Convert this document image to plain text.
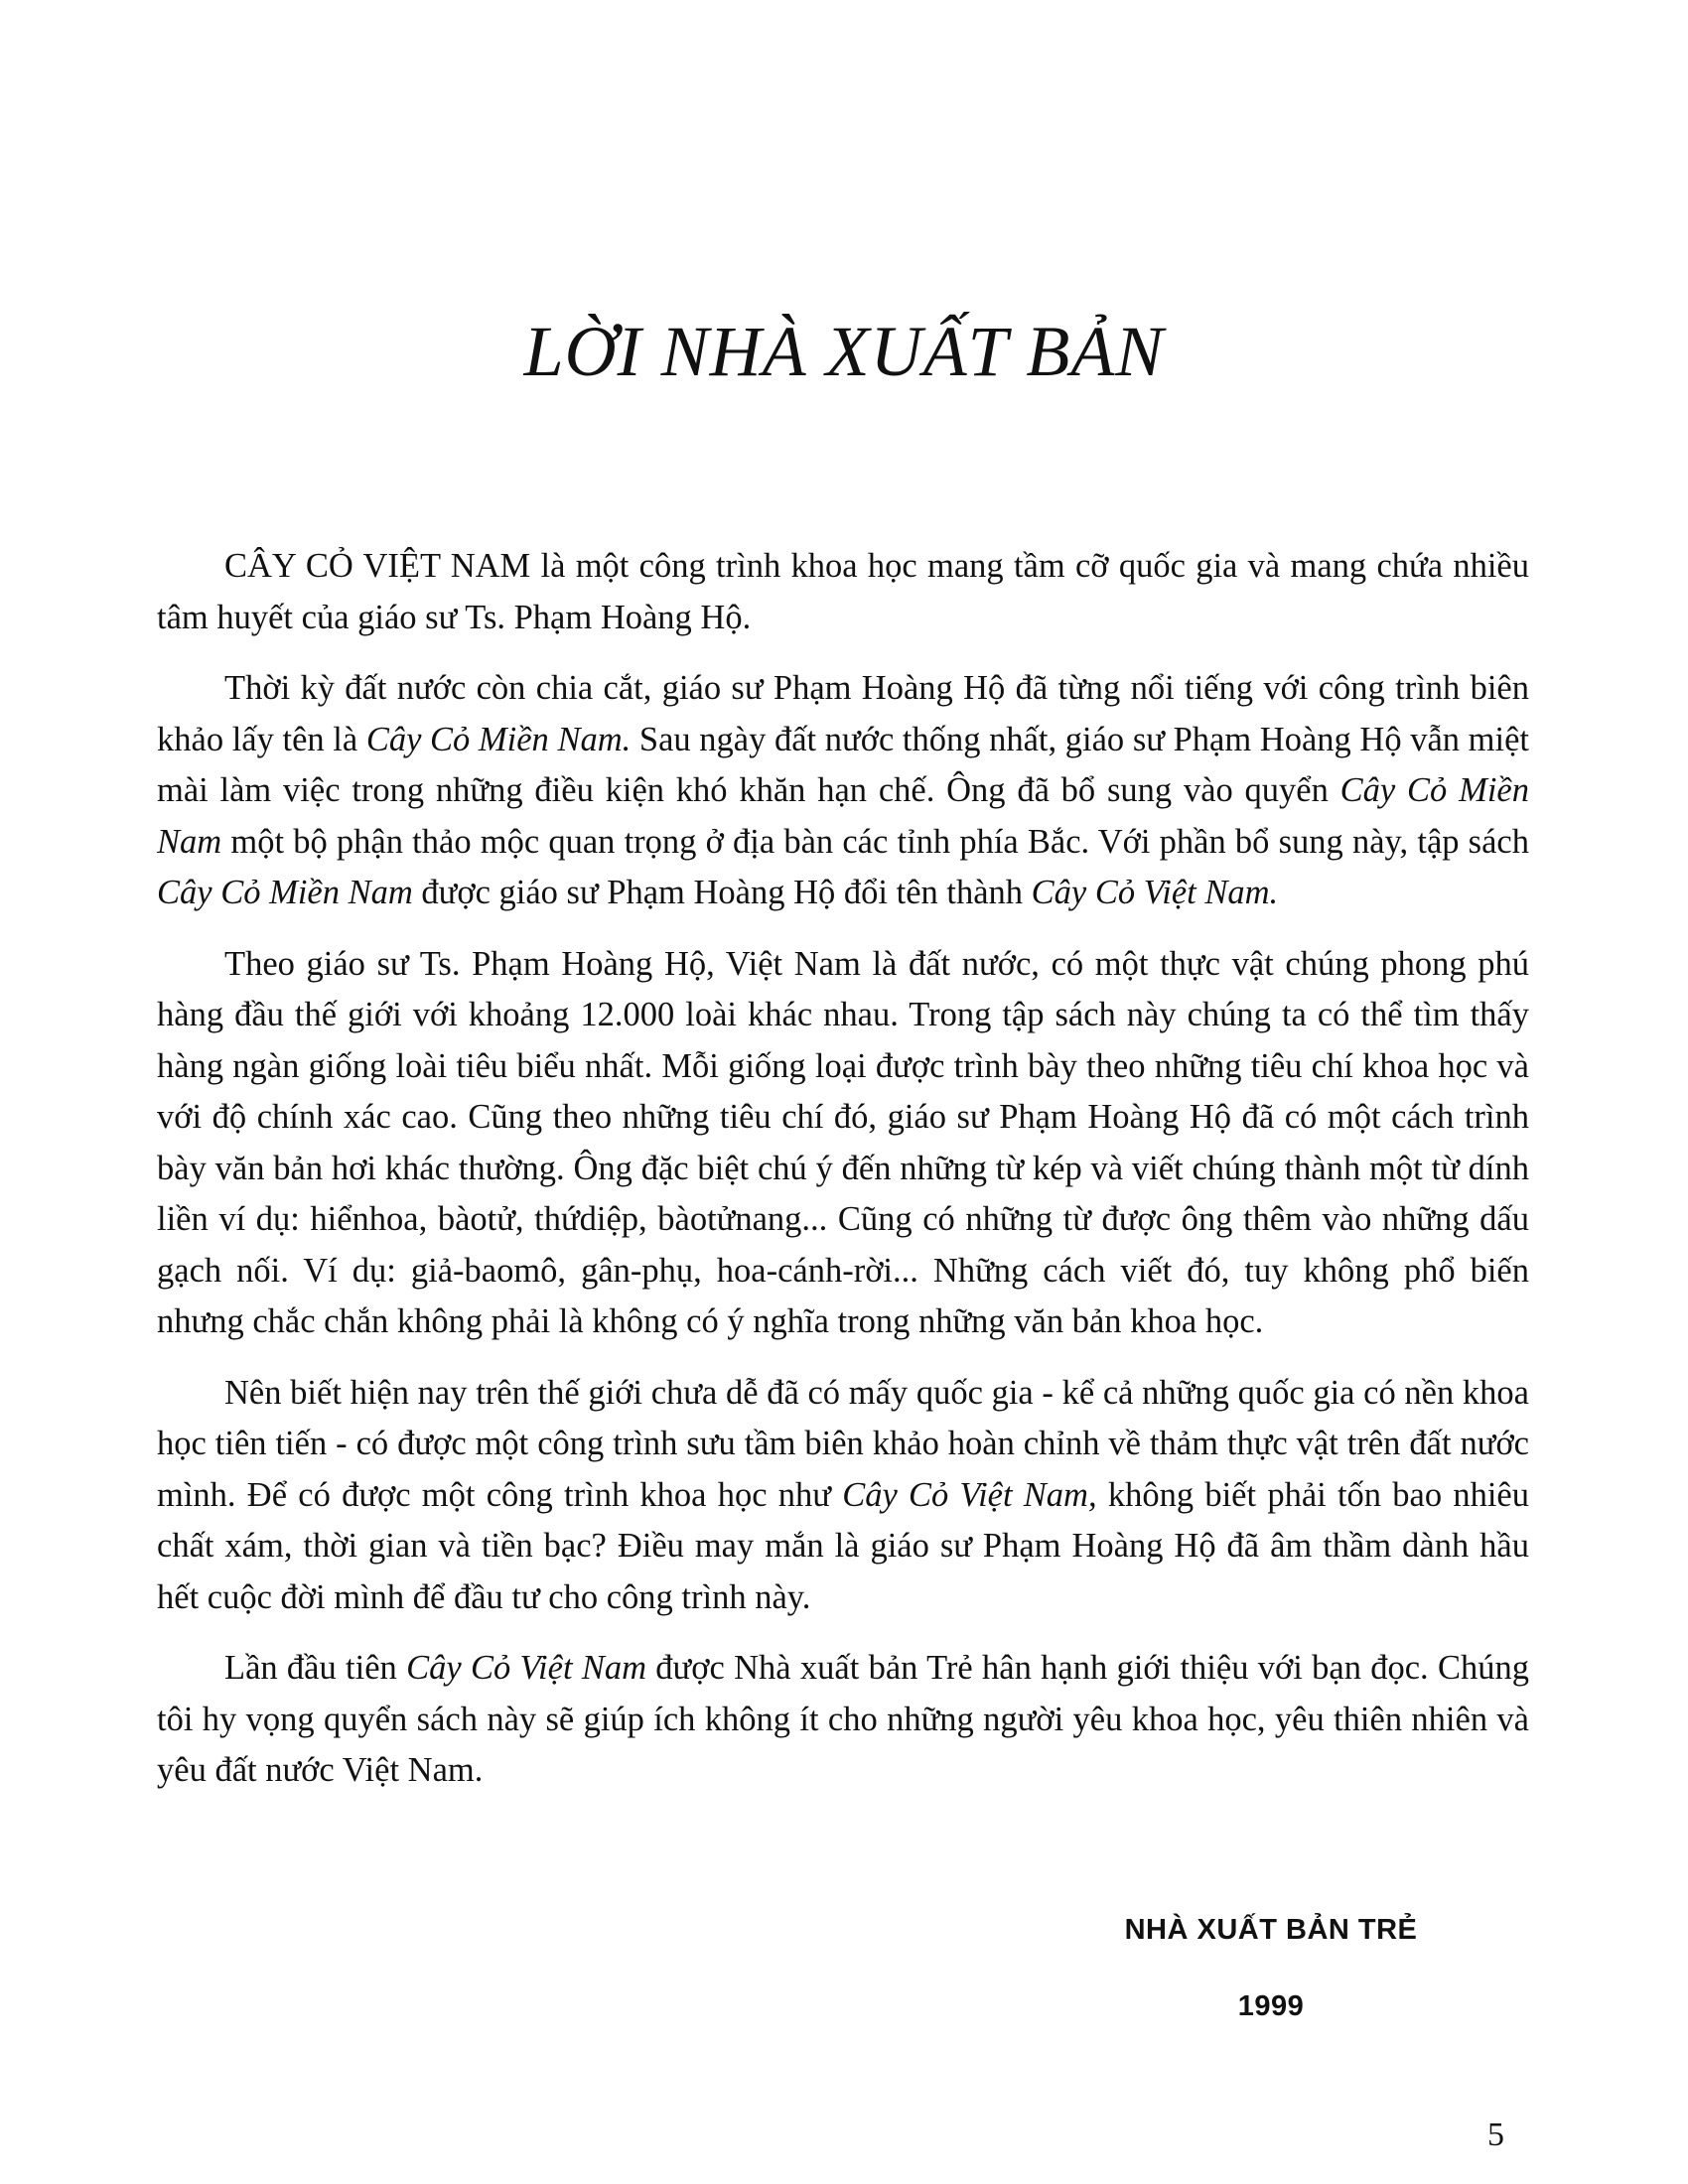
LỜI NHÀ XUẤT BẢN

CÂY CỎ VIỆT NAM là một công trình khoa học mang tầm cỡ quốc gia và mang chứa nhiều tâm huyết của giáo sư Ts. Phạm Hoàng Hộ.

Thời kỳ đất nước còn chia cắt, giáo sư Phạm Hoàng Hộ đã từng nổi tiếng với công trình biên khảo lấy tên là Cây Cỏ Miền Nam. Sau ngày đất nước thống nhất, giáo sư Phạm Hoàng Hộ vẫn miệt mài làm việc trong những điều kiện khó khăn hạn chế. Ông đã bổ sung vào quyển Cây Cỏ Miền Nam một bộ phận thảo mộc quan trọng ở địa bàn các tỉnh phía Bắc. Với phần bổ sung này, tập sách Cây Cỏ Miền Nam được giáo sư Phạm Hoàng Hộ đổi tên thành Cây Cỏ Việt Nam.

Theo giáo sư Ts. Phạm Hoàng Hộ, Việt Nam là đất nước, có một thực vật chúng phong phú hàng đầu thế giới với khoảng 12.000 loài khác nhau. Trong tập sách này chúng ta có thể tìm thấy hàng ngàn giống loài tiêu biểu nhất. Mỗi giống loại được trình bày theo những tiêu chí khoa học và với độ chính xác cao. Cũng theo những tiêu chí đó, giáo sư Phạm Hoàng Hộ đã có một cách trình bày văn bản hơi khác thường. Ông đặc biệt chú ý đến những từ kép và viết chúng thành một từ dính liền ví dụ: hiểnhoa, bàotử, thứdiệp, bàotửnang... Cũng có những từ được ông thêm vào những dấu gạch nối. Ví dụ: giả-baomô, gân-phụ, hoa-cánh-rời... Những cách viết đó, tuy không phổ biến nhưng chắc chắn không phải là không có ý nghĩa trong những văn bản khoa học.

Nên biết hiện nay trên thế giới chưa dễ đã có mấy quốc gia - kể cả những quốc gia có nền khoa học tiên tiến - có được một công trình sưu tầm biên khảo hoàn chỉnh về thảm thực vật trên đất nước mình. Để có được một công trình khoa học như Cây Cỏ Việt Nam, không biết phải tốn bao nhiêu chất xám, thời gian và tiền bạc? Điều may mắn là giáo sư Phạm Hoàng Hộ đã âm thầm dành hầu hết cuộc đời mình để đầu tư cho công trình này.

Lần đầu tiên Cây Cỏ Việt Nam được Nhà xuất bản Trẻ hân hạnh giới thiệu với bạn đọc. Chúng tôi hy vọng quyển sách này sẽ giúp ích không ít cho những người yêu khoa học, yêu thiên nhiên và yêu đất nước Việt Nam.

NHÀ XUẤT BẢN TRẺ
1999
5
